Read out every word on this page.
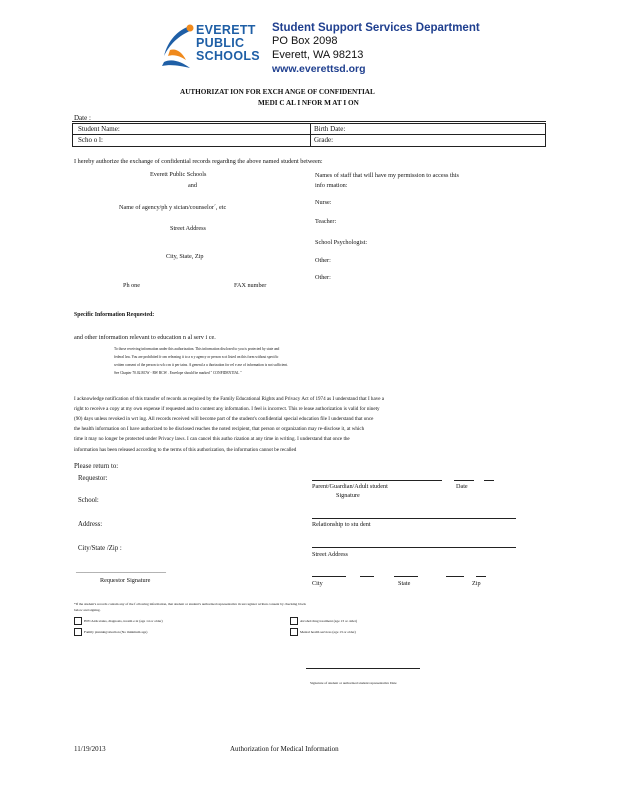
EVERETT
PUBLIC
SCHOOLS
Student Support Services Department
PO Box 2098
Everett, WA 98213
www.everettsd.org
AUTHORIZAT ION FOR EXCH ANGE OF CONFIDENTIAL
MEDI C AL I NFOR M AT I ON
Date :
Student Name:	Birth Date:
Scho o l:	Grade:
I hereby authorize the exchange of confidential records regarding the above named student between:
Everett Public Schools
and
Name of agency/ph y sician/counselor´, etc
Street Address
City, State, Zip
Ph one	FAX number
Names of staff that will have my permission to access this
info rmation:
Nurse:
Teacher:
School Psychologist:
Other:
Other:
Specific Information Requested:
and other information relevant to education n al serv i ce.
To those receiving information under this authorization. This information disclosed to you is protected by state and
federal law. You are prohibited fr om releasing it to a n y agency or person n ot listed on this form without specific
written consent of the person to wh o m it per tains. A general a u thorization for rel e ase of information is not sufficient.
See Chapter 70.02.RCW - RW RCW . Envelope should be marked " CONFIDENTIAL "
I acknowledge notification of this transfer of records as required by the Family Educational Rights and Privacy Act of 1974 as I understand that I have a
right to receive a copy at my own expense if requested and to contest any information. I feel is incorrect. This re lease authorization is valid for ninety
(90) days unless revoked in wrt ing. All records received will become part of the student's confidential special education file I understand that once
the health information on I have authorized to be disclosed reaches the noted recipient, that person or organization may re-disclose it, at which
time it may no longer be protected under Privacy laws. I can cancel this autho rization at any time in writing. I understand that once the
information has been released according to the terms of this authorization, the information cannot be recalled
Please return to:
Requestor:
School:
Address:
City/State /Zip :
______________________________
Requestor Signature
Parent/Guardian/Adult student	Date
Signature
Relationship to stu dent
Street Address
City	State	Zip
*If the student's records contain any of the f ollowing information, that student or student's authorized representative m ust register written consent by checking block
below and signing.
HIV/Aids status, diagnosis, treatm e nt (age 14 or older)
Family planning/abortion (No minimum age)
Alcohol/drug treatment (age 13 or older)
Mental health services (age 13 or older)
Signature of student or authorized student representative Date
11/19/2013	Authorization for Medical Information
